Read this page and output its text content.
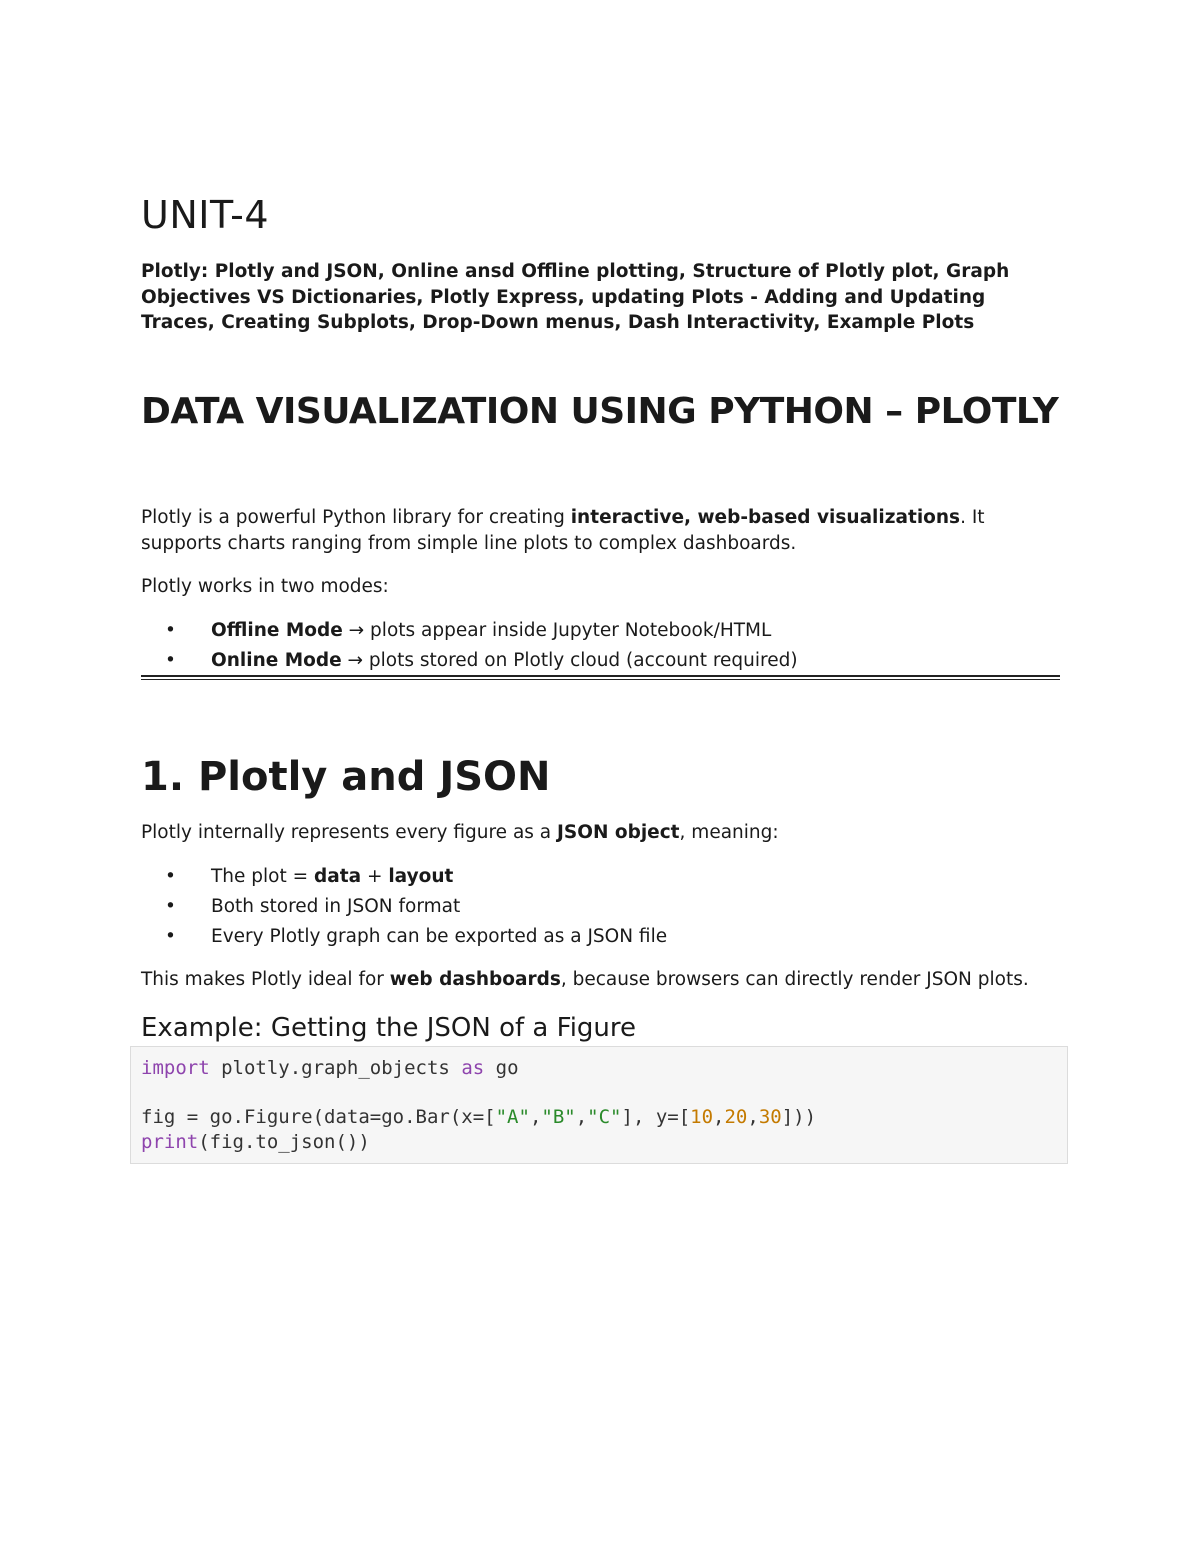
UNIT-4

Plotly: Plotly and JSON, Online ansd Offline plotting, Structure of Plotly plot, Graph Objectives VS Dictionaries, Plotly Express, updating Plots - Adding and Updating Traces, Creating Subplots, Drop-Down menus, Dash Interactivity, Example Plots

DATA VISUALIZATION USING PYTHON – PLOTLY

Plotly is a powerful Python library for creating interactive, web-based visualizations. It supports charts ranging from simple line plots to complex dashboards.

Plotly works in two modes:

• Offline Mode → plots appear inside Jupyter Notebook/HTML
• Online Mode → plots stored on Plotly cloud (account required)
1. Plotly and JSON

Plotly internally represents every figure as a JSON object, meaning:

• The plot = data + layout
• Both stored in JSON format
• Every Plotly graph can be exported as a JSON file

This makes Plotly ideal for web dashboards, because browsers can directly render JSON plots.

Example: Getting the JSON of a Figure
import plotly.graph_objects as go

fig = go.Figure(data=go.Bar(x=["A","B","C"], y=[10,20,30]))
print(fig.to_json())
